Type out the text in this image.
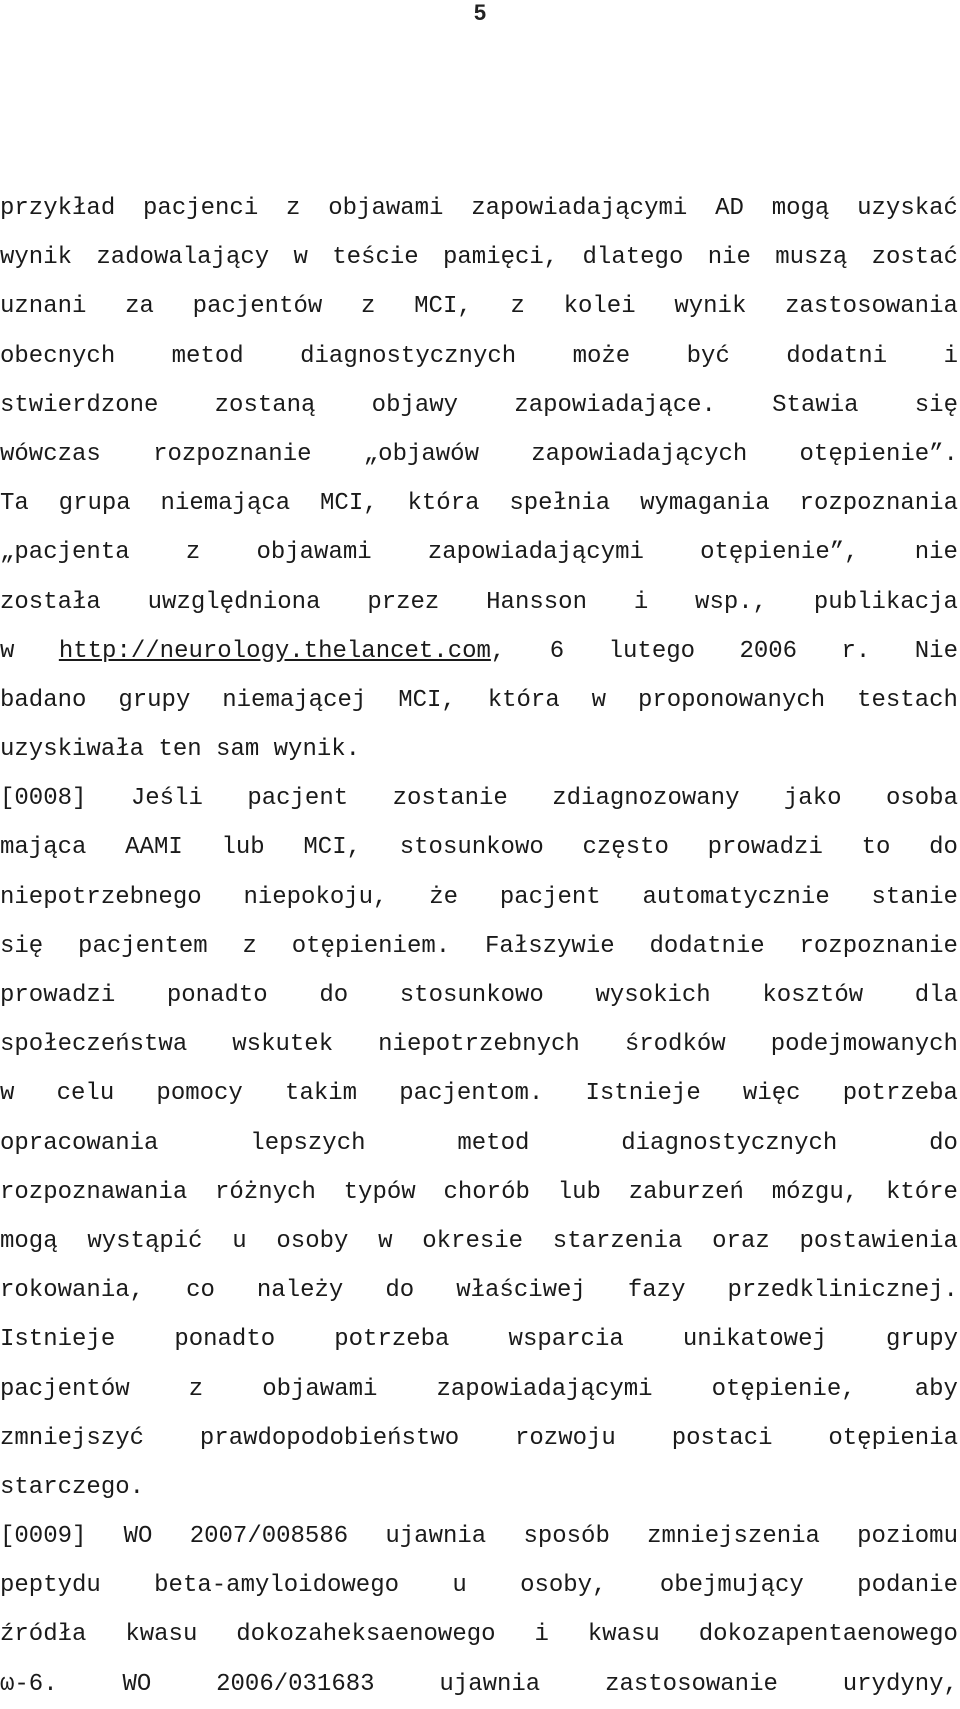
5
przykład pacjenci z objawami zapowiadającymi AD mogą uzyskać
wynik zadowalający w teście pamięci, dlatego nie muszą zostać
uznani za pacjentów z MCI, z kolei wynik zastosowania
obecnych metod diagnostycznych może być dodatni i
stwierdzone zostaną objawy zapowiadające. Stawia się
wówczas rozpoznanie „objawów zapowiadających otępienie”.
Ta grupa niemająca MCI, która spełnia wymagania rozpoznania
„pacjenta z objawami zapowiadającymi otępienie”, nie
została uwzględniona przez Hansson i wsp., publikacja
w http://neurology.thelancet.com, 6 lutego 2006 r. Nie
badano grupy niemającej MCI, która w proponowanych testach
uzyskiwała ten sam wynik.
[0008] Jeśli pacjent zostanie zdiagnozowany jako osoba
mająca AAMI lub MCI, stosunkowo często prowadzi to do
niepotrzebnego niepokoju, że pacjent automatycznie stanie
się pacjentem z otępieniem. Fałszywie dodatnie rozpoznanie
prowadzi ponadto do stosunkowo wysokich kosztów dla
społeczeństwa wskutek niepotrzebnych środków podejmowanych
w celu pomocy takim pacjentom. Istnieje więc potrzeba
opracowania	lepszych	metod	diagnostycznych	do
rozpoznawania różnych typów chorób lub zaburzeń mózgu, które
mogą wystąpić u osoby w okresie starzenia oraz postawienia
rokowania, co należy do właściwej fazy przedklinicznej.
Istnieje ponadto potrzeba wsparcia unikatowej grupy
pacjentów z objawami zapowiadającymi otępienie, aby
zmniejszyć prawdopodobieństwo rozwoju postaci otępienia
starczego.
[0009] WO 2007/008586 ujawnia sposób zmniejszenia poziomu
peptydu beta-amyloidowego u osoby, obejmujący podanie
źródła kwasu dokozaheksaenowego i kwasu dokozapentaenowego
ω-6.	WO	2006/031683	ujawnia	zastosowanie	urydyny,
